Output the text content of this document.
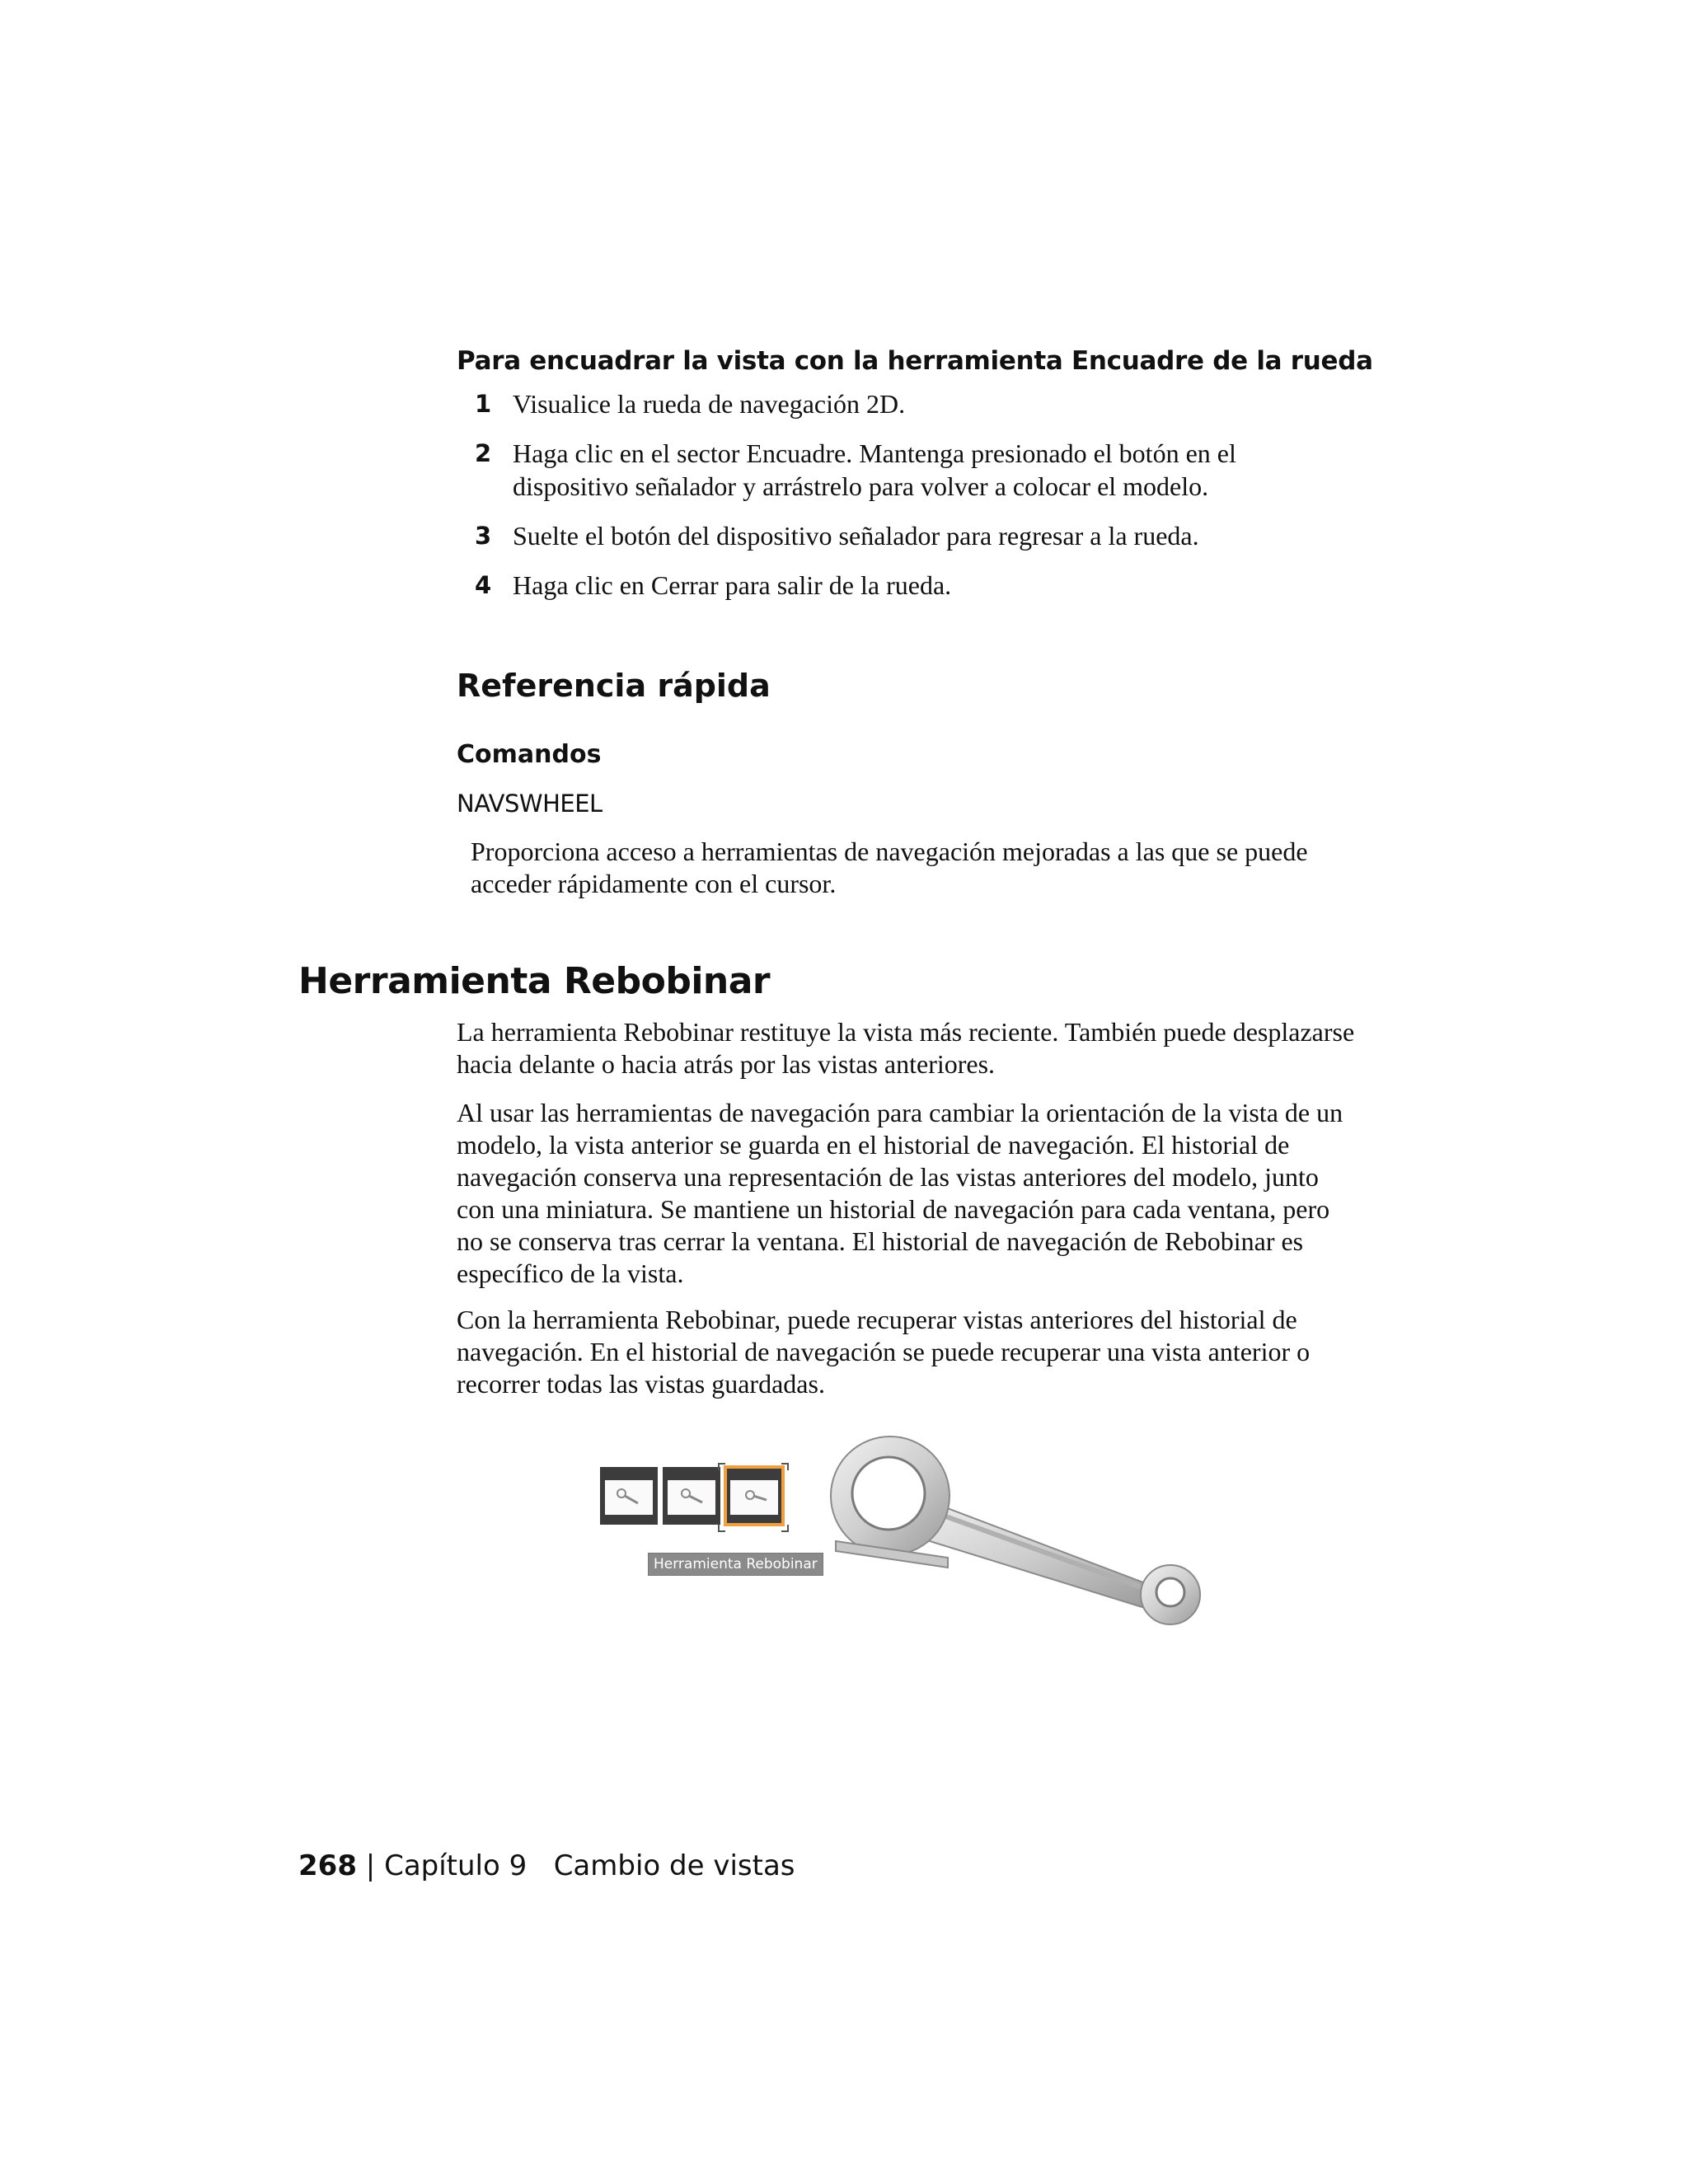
Para encuadrar la vista con la herramienta Encuadre de la rueda
1 Visualice la rueda de navegación 2D.
2 Haga clic en el sector Encuadre. Mantenga presionado el botón en el dispositivo señalador y arrástrelo para volver a colocar el modelo.
3 Suelte el botón del dispositivo señalador para regresar a la rueda.
4 Haga clic en Cerrar para salir de la rueda.
Referencia rápida
Comandos
NAVSWHEEL
Proporciona acceso a herramientas de navegación mejoradas a las que se puede acceder rápidamente con el cursor.
Herramienta Rebobinar
La herramienta Rebobinar restituye la vista más reciente. También puede desplazarse hacia delante o hacia atrás por las vistas anteriores.
Al usar las herramientas de navegación para cambiar la orientación de la vista de un modelo, la vista anterior se guarda en el historial de navegación. El historial de navegación conserva una representación de las vistas anteriores del modelo, junto con una miniatura. Se mantiene un historial de navegación para cada ventana, pero no se conserva tras cerrar la ventana. El historial de navegación de Rebobinar es específico de la vista.
Con la herramienta Rebobinar, puede recuperar vistas anteriores del historial de navegación. En el historial de navegación se puede recuperar una vista anterior o recorrer todas las vistas guardadas.
Herramienta Rebobinar
268 | Capítulo 9 Cambio de vistas
